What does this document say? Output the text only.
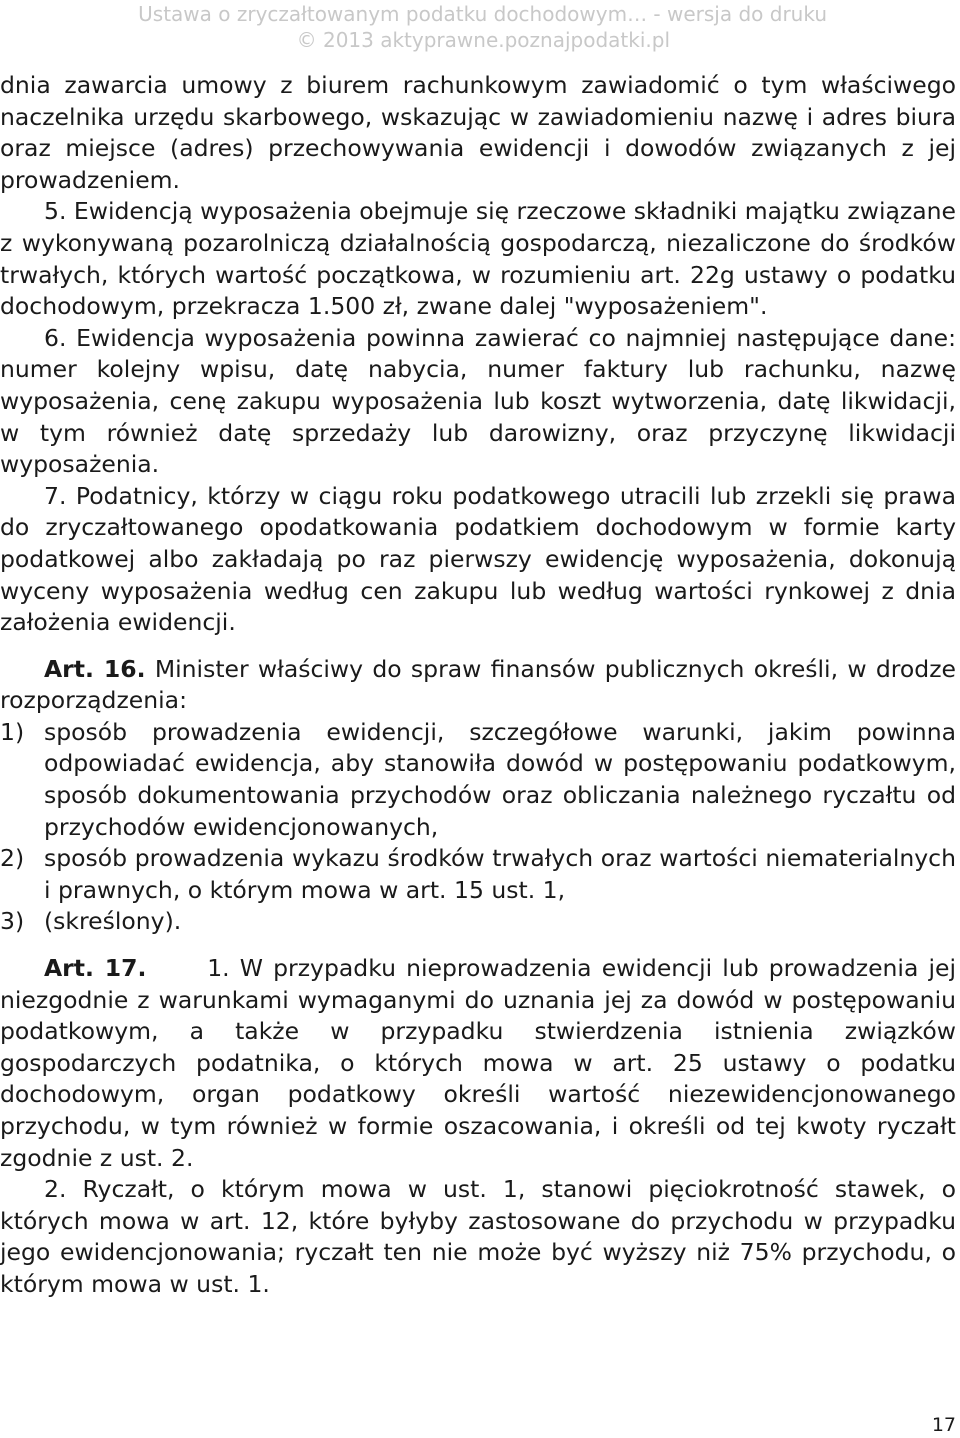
Ustawa o zryczałtowanym podatku dochodowym… - wersja do druku
© 2013 aktyprawne.poznajpodatki.pl

dnia zawarcia umowy z biurem rachunkowym zawiadomić o tym właściwego naczelnika urzędu skarbowego, wskazując w zawiadomieniu nazwę i adres biura oraz miejsce (adres) przechowywania ewidencji i dowodów związanych z jej prowadzeniem.

5. Ewidencją wyposażenia obejmuje się rzeczowe składniki majątku związane z wykonywaną pozarolniczą działalnością gospodarczą, niezaliczone do środków trwałych, których wartość początkowa, w rozumieniu art. 22g ustawy o podatku dochodowym, przekracza 1.500 zł, zwane dalej "wyposażeniem".

6. Ewidencja wyposażenia powinna zawierać co najmniej następujące dane: numer kolejny wpisu, datę nabycia, numer faktury lub rachunku, nazwę wyposażenia, cenę zakupu wyposażenia lub koszt wytworzenia, datę likwidacji, w tym również datę sprzedaży lub darowizny, oraz przyczynę likwidacji wyposażenia.

7. Podatnicy, którzy w ciągu roku podatkowego utracili lub zrzekli się prawa do zryczałtowanego opodatkowania podatkiem dochodowym w formie karty podatkowej albo zakładają po raz pierwszy ewidencję wyposażenia, dokonują wyceny wyposażenia według cen zakupu lub według wartości rynkowej z dnia założenia ewidencji.

Art. 16. Minister właściwy do spraw finansów publicznych określi, w drodze rozporządzenia:

1) sposób prowadzenia ewidencji, szczegółowe warunki, jakim powinna odpowiadać ewidencja, aby stanowiła dowód w postępowaniu podatkowym, sposób dokumentowania przychodów oraz obliczania należnego ryczałtu od przychodów ewidencjonowanych,

2) sposób prowadzenia wykazu środków trwałych oraz wartości niematerialnych i prawnych, o którym mowa w art. 15 ust. 1,

3) (skreślony).

Art. 17.	1. W przypadku nieprowadzenia ewidencji lub prowadzenia jej niezgodnie z warunkami wymaganymi do uznania jej za dowód w postępowaniu podatkowym, a także w przypadku stwierdzenia istnienia związków gospodarczych podatnika, o których mowa w art. 25 ustawy o podatku dochodowym, organ podatkowy określi wartość niezewidencjonowanego przychodu, w tym również w formie oszacowania, i określi od tej kwoty ryczałt zgodnie z ust. 2.

2. Ryczałt, o którym mowa w ust. 1, stanowi pięciokrotność stawek, o których mowa w art. 12, które byłyby zastosowane do przychodu w przypadku jego ewidencjonowania; ryczałt ten nie może być wyższy niż 75% przychodu, o którym mowa w ust. 1.

17
